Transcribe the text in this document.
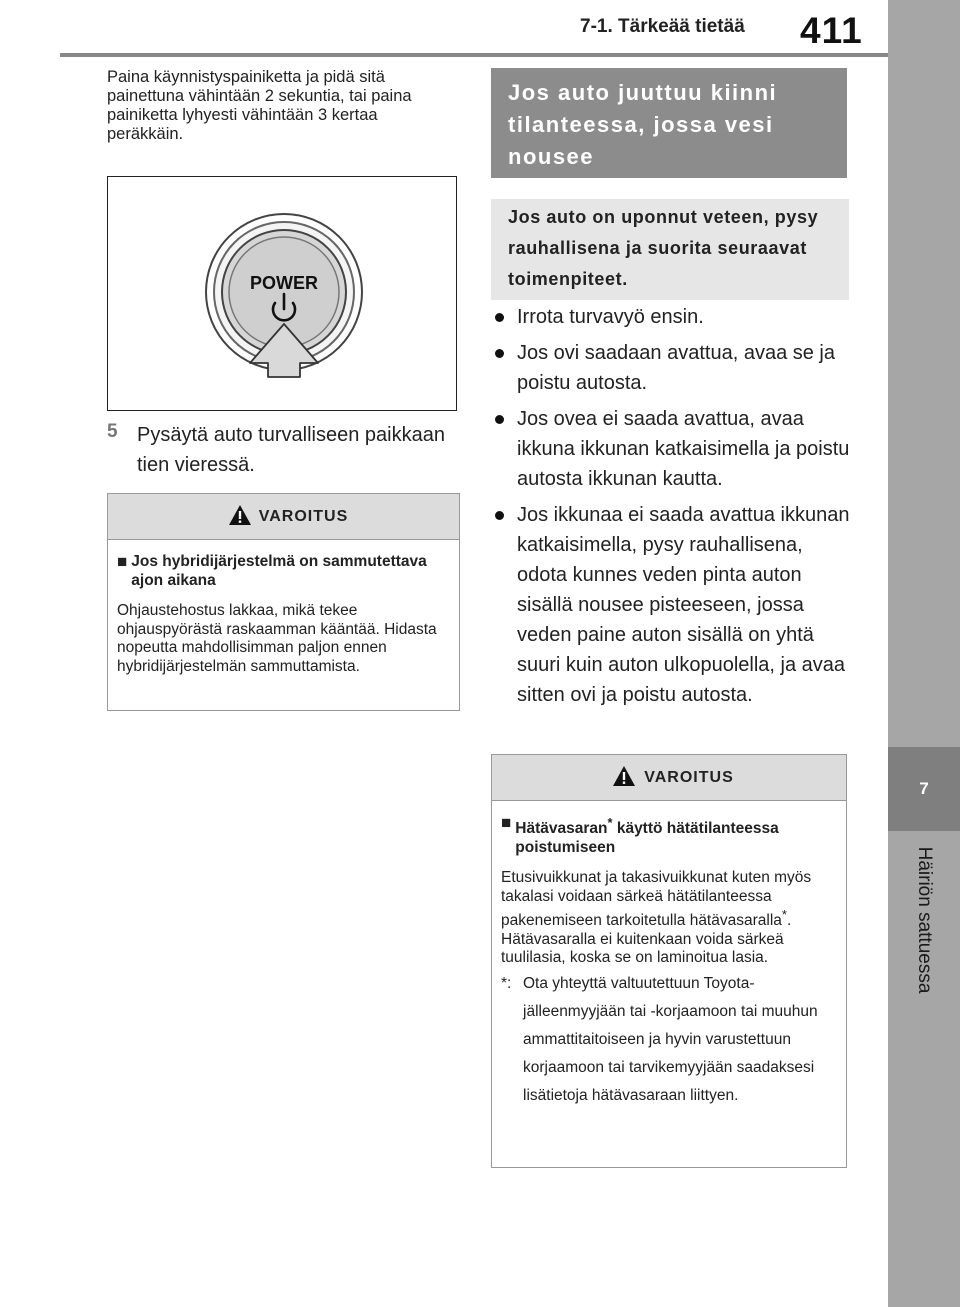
7-1. Tärkeää tietää 411
7
Häiriön sattuessa
Paina käynnistyspainiketta ja pidä sitä painettuna vähintään 2 sekuntia, tai paina painiketta lyhyesti vähintään 3 kertaa peräkkäin.
POWER
5 Pysäytä auto turvalliseen paikkaan tien vieressä.
VAROITUS
■ Jos hybridijärjestelmä on sammutettava ajon aikana
Ohjaustehostus lakkaa, mikä tekee ohjauspyörästä raskaamman kääntää. Hidasta nopeutta mahdollisimman paljon ennen hybridijärjestelmän sammuttamista.
Jos auto juuttuu kiinni tilanteessa, jossa vesi nousee
Jos auto on uponnut veteen, pysy rauhallisena ja suorita seuraavat toimenpiteet.
Irrota turvavyö ensin.
Jos ovi saadaan avattua, avaa se ja poistu autosta.
Jos ovea ei saada avattua, avaa ikkuna ikkunan katkaisimella ja poistu autosta ikkunan kautta.
Jos ikkunaa ei saada avattua ikkunan katkaisimella, pysy rauhallisena, odota kunnes veden pinta auton sisällä nousee pisteeseen, jossa veden paine auton sisällä on yhtä suuri kuin auton ulkopuolella, ja avaa sitten ovi ja poistu autosta.
VAROITUS
■ Hätävasaran* käyttö hätätilanteessa poistumiseen
Etusivuikkunat ja takasivuikkunat kuten myös takalasi voidaan särkeä hätätilanteessa pakenemiseen tarkoitetulla hätävasaralla*. Hätävasaralla ei kuitenkaan voida särkeä tuulilasia, koska se on laminoitua lasia.
*: Ota yhteyttä valtuutettuun Toyota-jälleenmyyjään tai -korjaamoon tai muuhun ammattitaitoiseen ja hyvin varustettuun korjaamoon tai tarvikemyyjään saadaksesi lisätietoja hätävasaraan liittyen.
